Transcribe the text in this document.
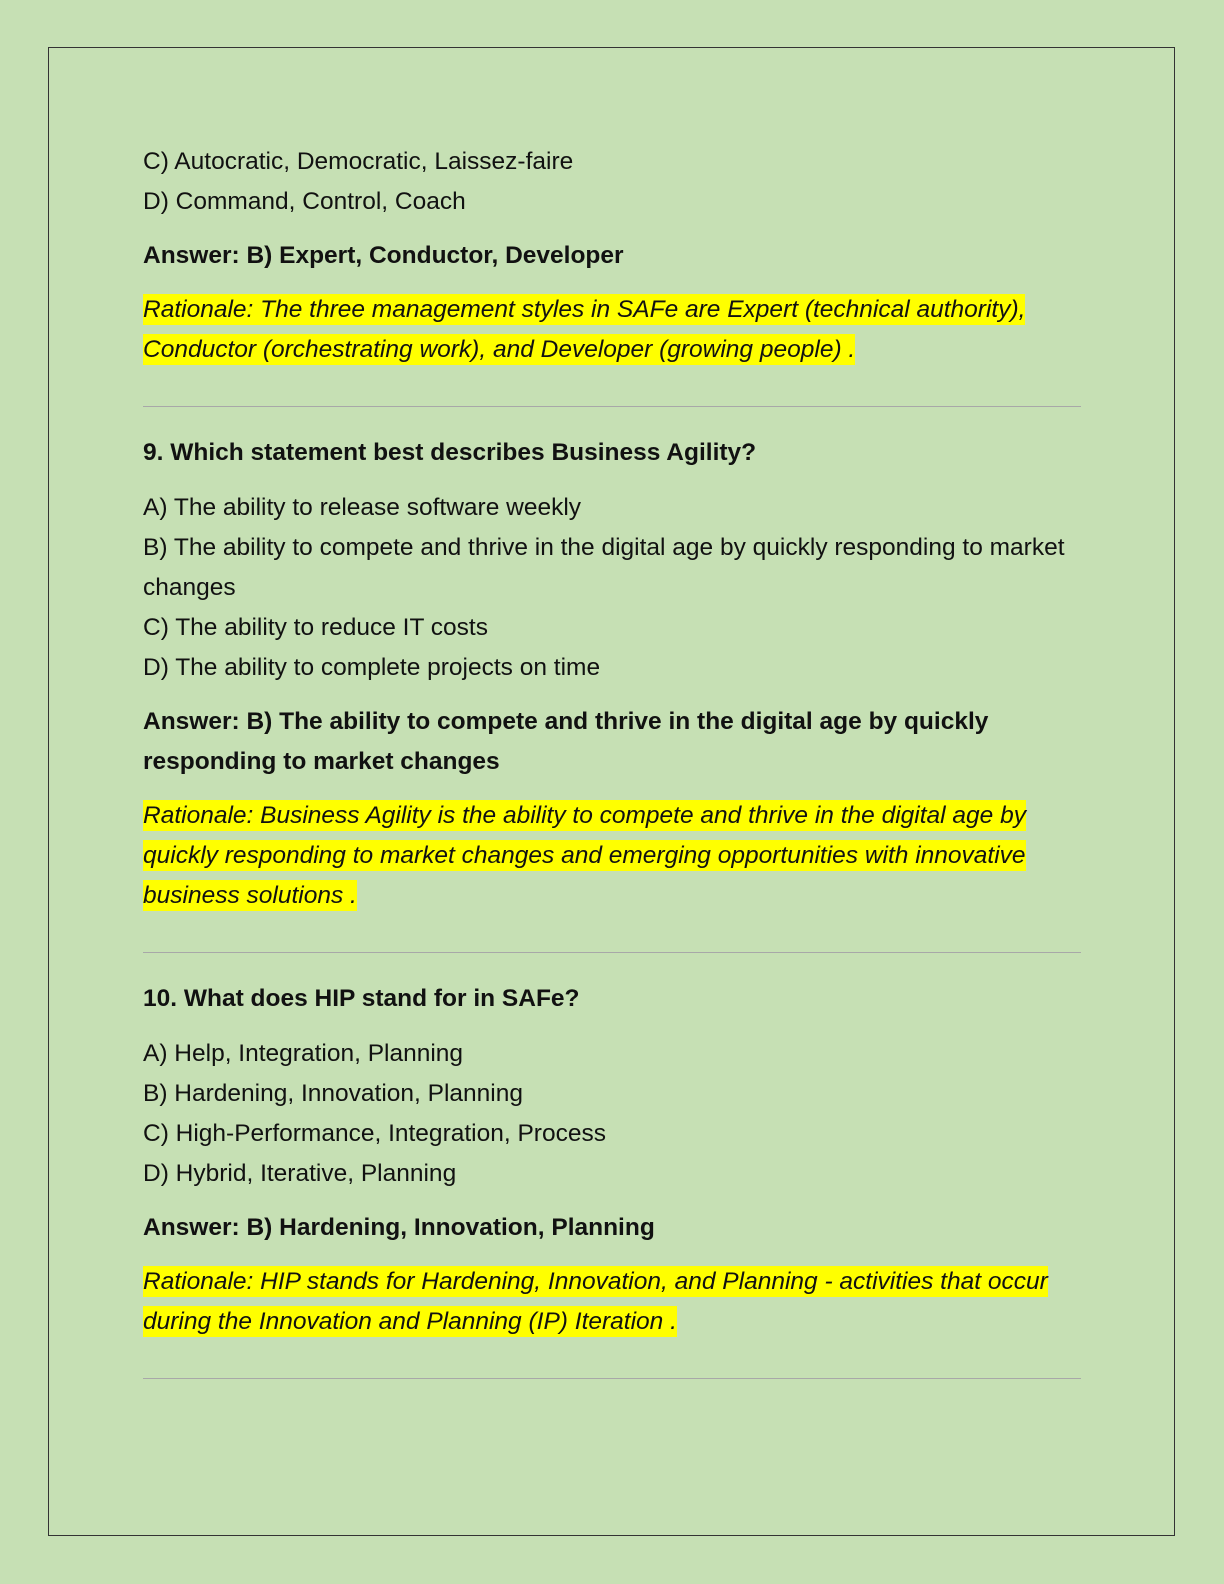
C) Autocratic, Democratic, Laissez-faire

D) Command, Control, Coach

Answer: B) Expert, Conductor, Developer

Rationale: The three management styles in SAFe are Expert (technical authority), Conductor (orchestrating work), and Developer (growing people) .

9. Which statement best describes Business Agility?

A) The ability to release software weekly

B) The ability to compete and thrive in the digital age by quickly responding to market changes

C) The ability to reduce IT costs

D) The ability to complete projects on time

Answer: B) The ability to compete and thrive in the digital age by quickly responding to market changes

Rationale: Business Agility is the ability to compete and thrive in the digital age by quickly responding to market changes and emerging opportunities with innovative business solutions .

10. What does HIP stand for in SAFe?

A) Help, Integration, Planning

B) Hardening, Innovation, Planning

C) High-Performance, Integration, Process

D) Hybrid, Iterative, Planning

Answer: B) Hardening, Innovation, Planning

Rationale: HIP stands for Hardening, Innovation, and Planning - activities that occur during the Innovation and Planning (IP) Iteration .
